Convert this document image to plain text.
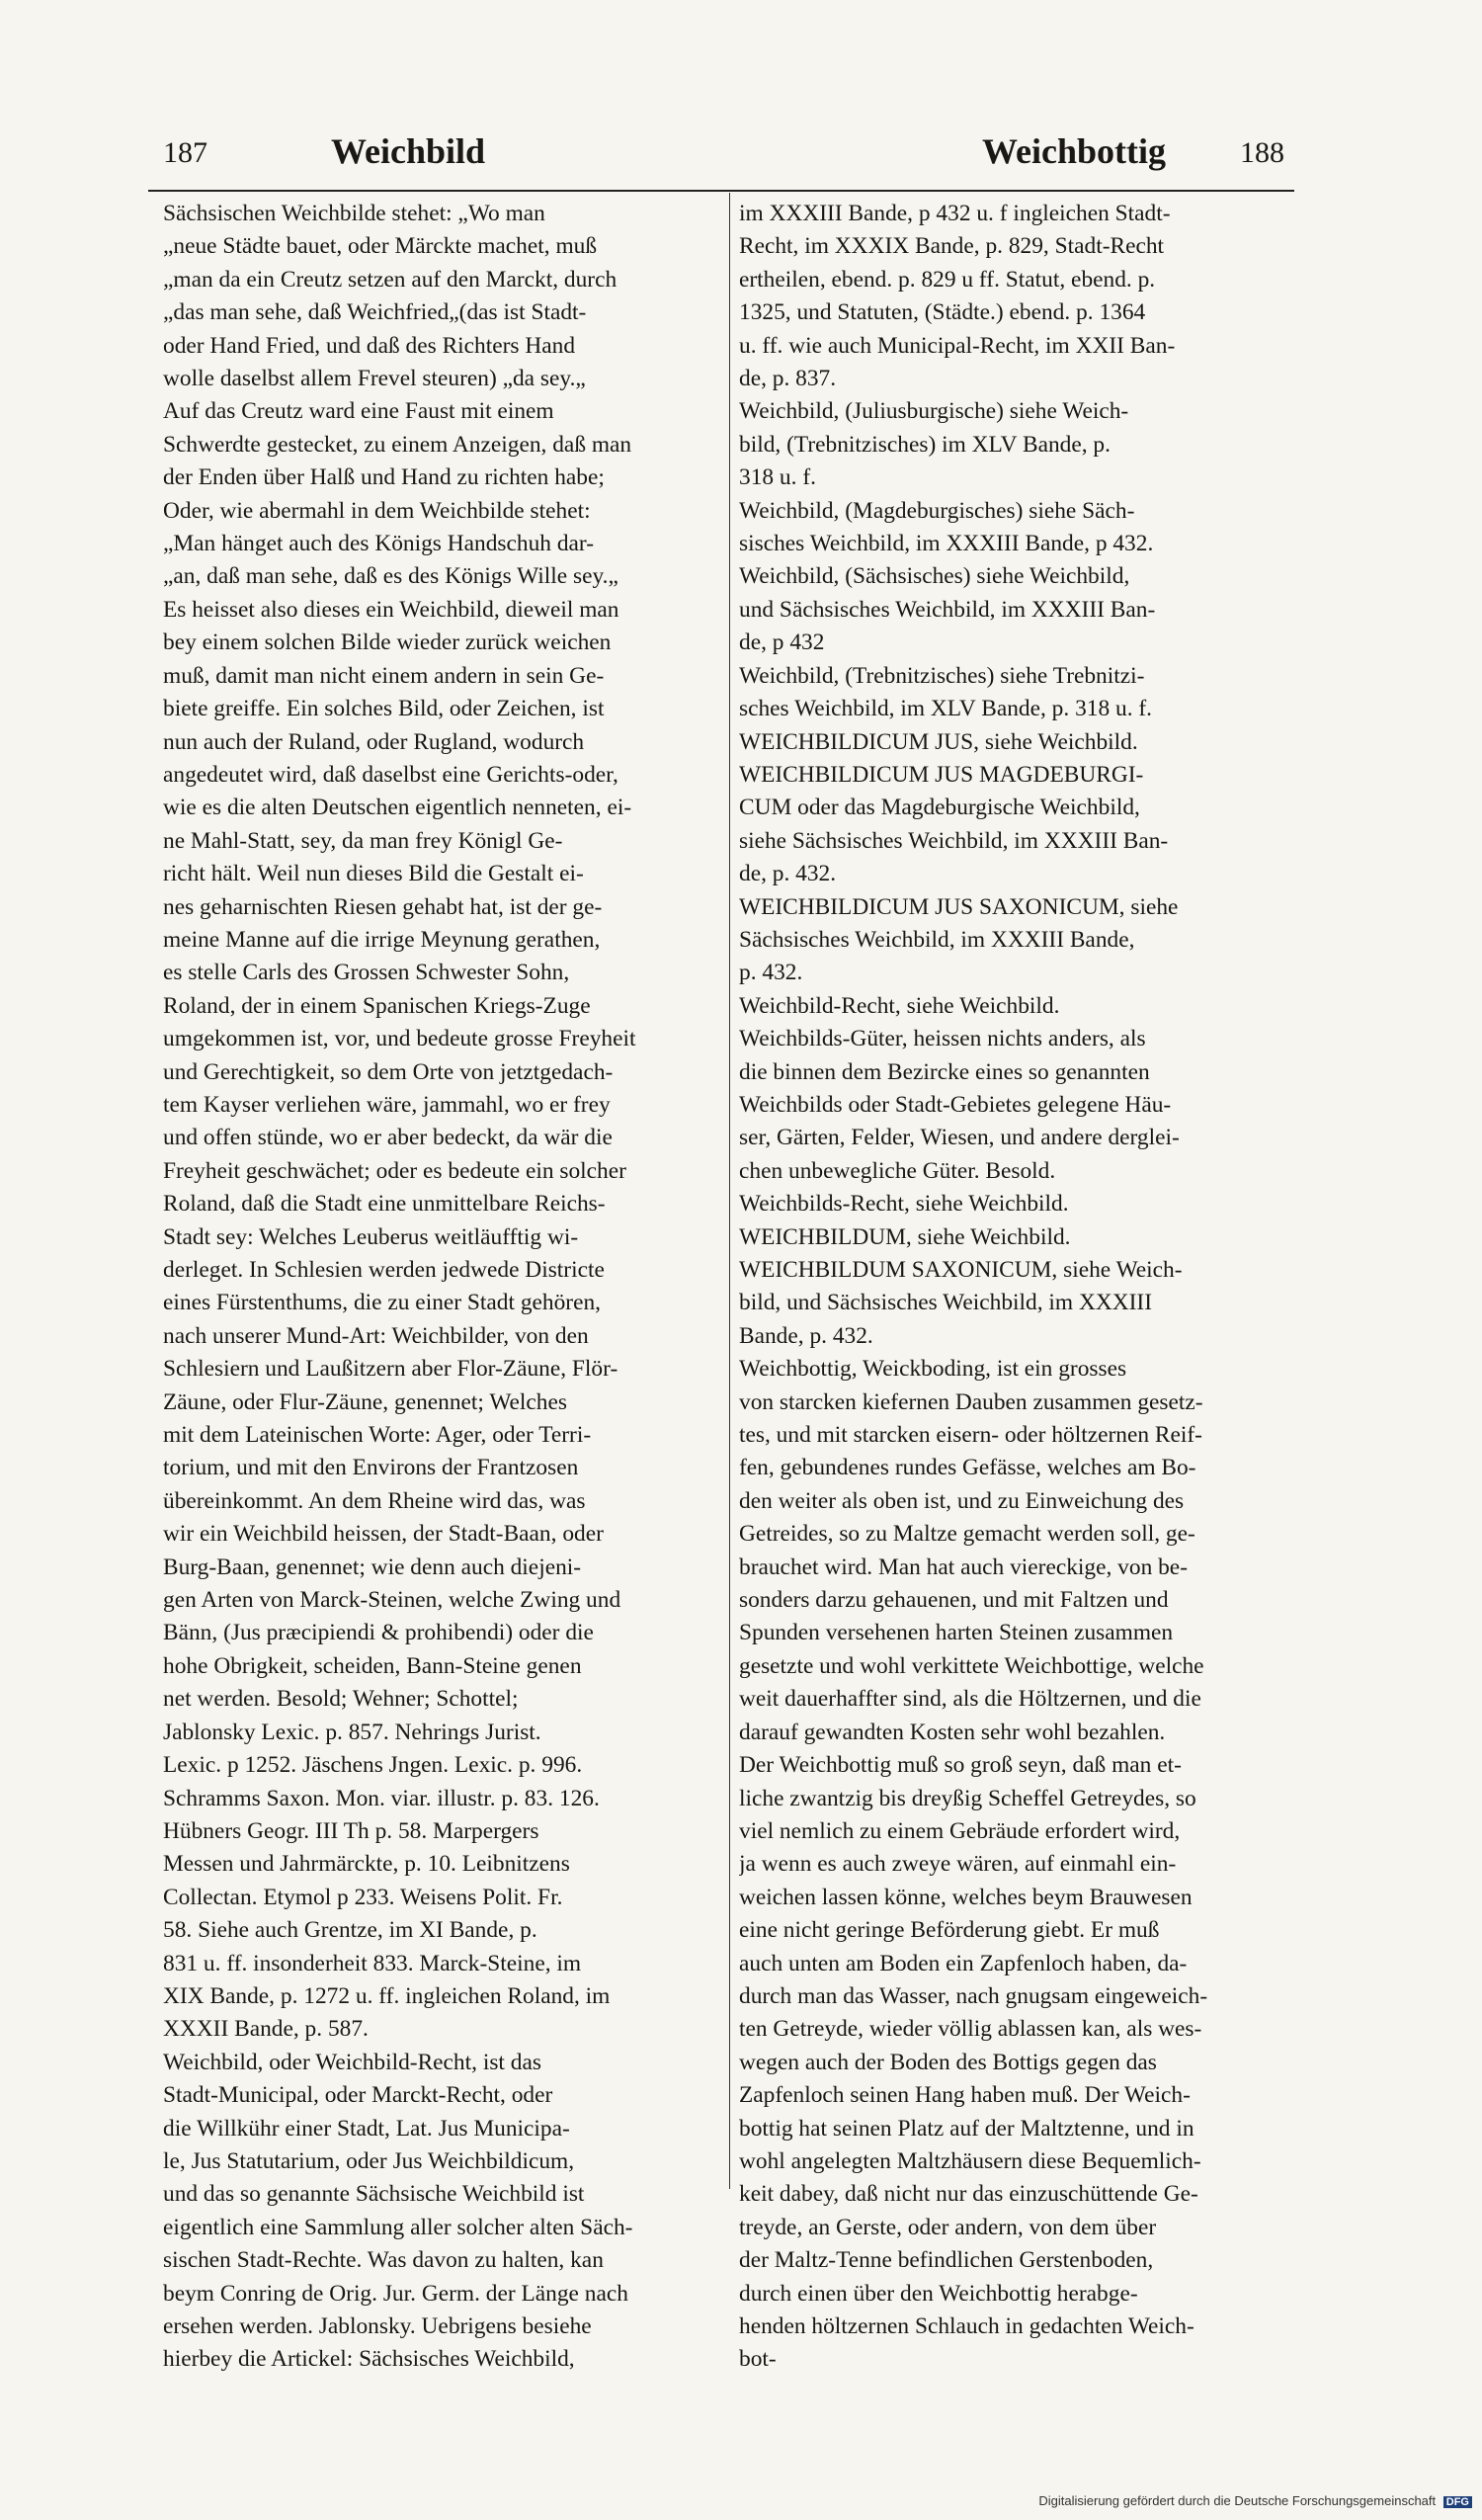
187	Weichbild	Weichbottig	188
Sächsischen Weichbilde stehet: „Wo man
„neue Städte bauet, oder Märckte machet, muß
„man da ein Creutz setzen auf den Marckt, durch
„das man sehe, daß Weichfried„(das ist Stadt‐
oder Hand Fried, und daß des Richters Hand
wolle daselbst allem Frevel steuren) „da sey.„
Auf das Creutz ward eine Faust mit einem
Schwerdte gestecket, zu einem Anzeigen, daß man
der Enden über Halß und Hand zu richten habe;
Oder, wie abermahl in dem Weichbilde stehet:
„Man hänget auch des Königs Handschuh dar-
„an, daß man sehe, daß es des Königs Wille sey.„
Es heisset also dieses ein Weichbild, dieweil man
bey einem solchen Bilde wieder zurück weichen
muß, damit man nicht einem andern in sein Ge-
biete greiffe. Ein solches Bild, oder Zeichen, ist
nun auch der Ruland, oder Rugland, wodurch
angedeutet wird, daß daselbst eine Gerichts-oder,
wie es die alten Deutschen eigentlich nenneten, ei-
ne Mahl-Statt, sey, da man frey Königl Ge-
richt hält. Weil nun dieses Bild die Gestalt ei-
nes geharnischten Riesen gehabt hat, ist der ge-
meine Manne auf die irrige Meynung gerathen,
es stelle Carls des Grossen Schwester Sohn,
Roland, der in einem Spanischen Kriegs-Zuge
umgekommen ist, vor, und bedeute grosse Freyheit
und Gerechtigkeit, so dem Orte von jetztgedach-
tem Kayser verliehen wäre, jammahl, wo er frey
und offen stünde, wo er aber bedeckt, da wär die
Freyheit geschwächet; oder es bedeute ein solcher
Roland, daß die Stadt eine unmittelbare Reichs-
Stadt sey: Welches Leuberus weitläufftig wi-
derleget. In Schlesien werden jedwede Districte
eines Fürstenthums, die zu einer Stadt gehören,
nach unserer Mund-Art: Weichbilder, von den
Schlesiern und Laußitzern aber Flor-Zäune, Flör-
Zäune, oder Flur-Zäune, genennet; Welches
mit dem Lateinischen Worte: Ager, oder Terri-
torium, und mit den Environs der Frantzosen
übereinkommt. An dem Rheine wird das, was
wir ein Weichbild heissen, der Stadt-Baan, oder
Burg-Baan, genennet; wie denn auch diejeni-
gen Arten von Marck-Steinen, welche Zwing und
Bänn, (Jus præcipiendi & prohibendi) oder die
hohe Obrigkeit, scheiden, Bann-Steine genen
net werden. Besold; Wehner; Schottel;
Jablonsky Lexic. p. 857. Nehrings Jurist.
Lexic. p 1252. Jäschens Jngen. Lexic. p. 996.
Schramms Saxon. Mon. viar. illustr. p. 83. 126.
Hübners Geogr. III Th p. 58. Marpergers
Messen und Jahrmärckte, p. 10. Leibnitzens
Collectan. Etymol p 233. Weisens Polit. Fr.
58. Siehe auch Grentze, im XI Bande, p.
831 u. ff. insonderheit 833. Marck-Steine, im
XIX Bande, p. 1272 u. ff. ingleichen Roland, im
XXXII Bande, p. 587.
Weichbild, oder Weichbild-Recht, ist das
Stadt-Municipal, oder Marckt-Recht, oder
die Willkühr einer Stadt, Lat. Jus Municipa-
le, Jus Statutarium, oder Jus Weichbildicum,
und das so genannte Sächsische Weichbild ist
eigentlich eine Sammlung aller solcher alten Säch-
sischen Stadt-Rechte. Was davon zu halten, kan
beym Conring de Orig. Jur. Germ. der Länge nach
ersehen werden. Jablonsky. Uebrigens besiehe
hierbey die Artickel: Sächsisches Weichbild,
im XXXIII Bande, p 432 u. f ingleichen Stadt-
Recht, im XXXIX Bande, p. 829, Stadt-Recht
ertheilen, ebend. p. 829 u ff. Statut, ebend. p.
1325, und Statuten, (Städte.) ebend. p. 1364
u. ff. wie auch Municipal-Recht, im XXII Ban-
de, p. 837.
Weichbild, (Juliusburgische) siehe Weich-
bild, (Trebnitzisches) im XLV Bande, p.
318 u. f.
Weichbild, (Magdeburgisches) siehe Säch-
sisches Weichbild, im XXXIII Bande, p 432.
Weichbild, (Sächsisches) siehe Weichbild,
und Sächsisches Weichbild, im XXXIII Ban-
de, p 432
Weichbild, (Trebnitzisches) siehe Trebnitzi-
sches Weichbild, im XLV Bande, p. 318 u. f.
WEICHBILDICUM JUS, siehe Weichbild.
WEICHBILDICUM JUS MAGDEBURGI-
CUM oder das Magdeburgische Weichbild,
siehe Sächsisches Weichbild, im XXXIII Ban-
de, p. 432.
WEICHBILDICUM JUS SAXONICUM, siehe
Sächsisches Weichbild, im XXXIII Bande,
p. 432.
Weichbild-Recht, siehe Weichbild.
Weichbilds-Güter, heissen nichts anders, als
die binnen dem Bezircke eines so genannten
Weichbilds oder Stadt-Gebietes gelegene Häu-
ser, Gärten, Felder, Wiesen, und andere derglei-
chen unbewegliche Güter. Besold.
Weichbilds-Recht, siehe Weichbild.
WEICHBILDUM, siehe Weichbild.
WEICHBILDUM SAXONICUM, siehe Weich-
bild, und Sächsisches Weichbild, im XXXIII
Bande, p. 432.
Weichbottig, Weickboding, ist ein grosses
von starcken kiefernen Dauben zusammen gesetz-
tes, und mit starcken eisern- oder höltzernen Reif-
fen, gebundenes rundes Gefässe, welches am Bo-
den weiter als oben ist, und zu Einweichung des
Getreides, so zu Maltze gemacht werden soll, ge-
brauchet wird. Man hat auch viereckige, von be-
sonders darzu gehauenen, und mit Faltzen und
Spunden versehenen harten Steinen zusammen
gesetzte und wohl verkittete Weichbottige, welche
weit dauerhaffter sind, als die Höltzernen, und die
darauf gewandten Kosten sehr wohl bezahlen.
Der Weichbottig muß so groß seyn, daß man et-
liche zwantzig bis dreyßig Scheffel Getreydes, so
viel nemlich zu einem Gebräude erfordert wird,
ja wenn es auch zweye wären, auf einmahl ein-
weichen lassen könne, welches beym Brauwesen
eine nicht geringe Beförderung giebt. Er muß
auch unten am Boden ein Zapfenloch haben, da-
durch man das Wasser, nach gnugsam eingeweich-
ten Getreyde, wieder völlig ablassen kan, als wes-
wegen auch der Boden des Bottigs gegen das
Zapfenloch seinen Hang haben muß. Der Weich-
bottig hat seinen Platz auf der Maltztenne, und in
wohl angelegten Maltzhäusern diese Bequemlich-
keit dabey, daß nicht nur das einzuschüttende Ge-
treyde, an Gerste, oder andern, von dem über
der Maltz-Tenne befindlichen Gerstenboden,
durch einen über den Weichbottig herabge-
henden höltzernen Schlauch in gedachten Weich-
bot-
Digitalisierung gefördert durch die Deutsche Forschungsgemeinschaft DFG
